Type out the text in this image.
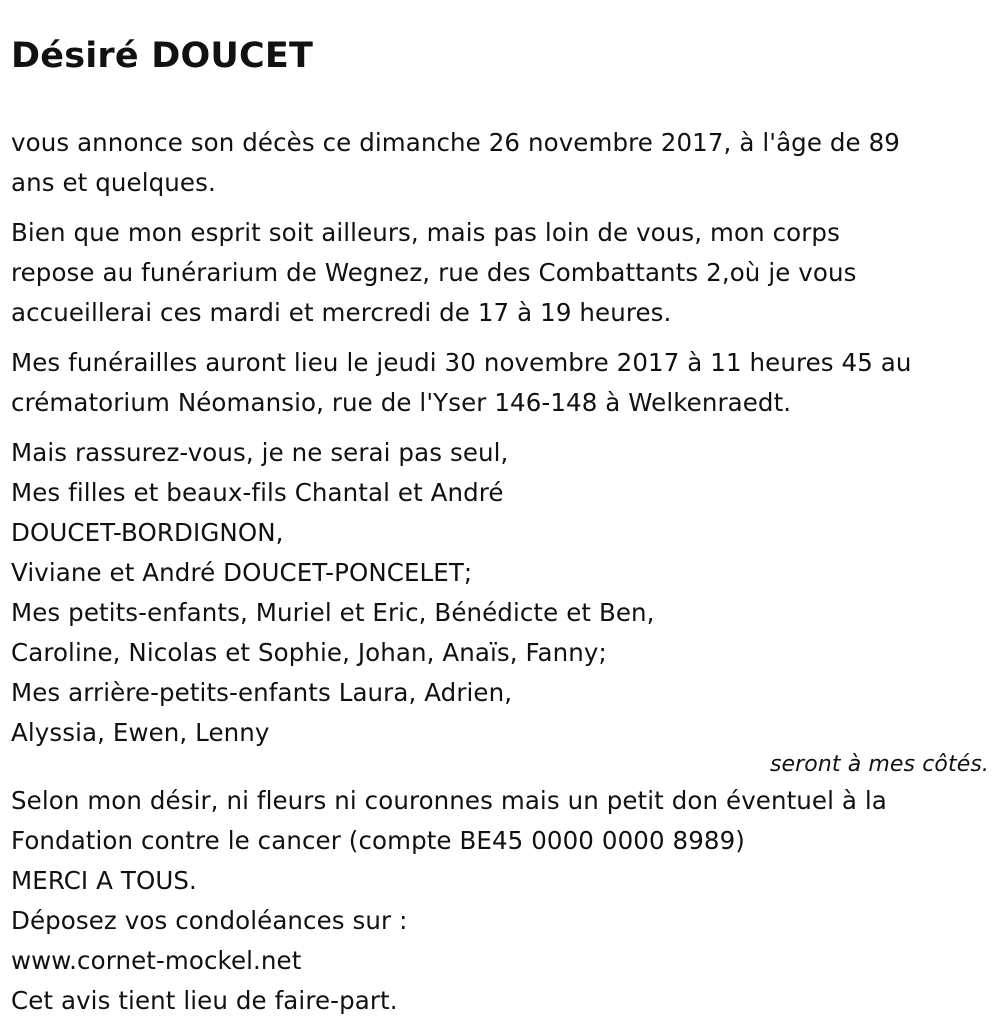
Désiré DOUCET

vous annonce son décès ce dimanche 26 novembre 2017, à l'âge de 89
ans et quelques.

Bien que mon esprit soit ailleurs, mais pas loin de vous, mon corps
repose au funérarium de Wegnez, rue des Combattants 2,où je vous
accueillerai ces mardi et mercredi de 17 à 19 heures.

Mes funérailles auront lieu le jeudi 30 novembre 2017 à 11 heures 45 au
crématorium Néomansio, rue de l'Yser 146-148 à Welkenraedt.

Mais rassurez-vous, je ne serai pas seul,
Mes filles et beaux-fils Chantal et André
DOUCET-BORDIGNON,
Viviane et André DOUCET-PONCELET;
Mes petits-enfants, Muriel et Eric, Bénédicte et Ben,
Caroline, Nicolas et Sophie, Johan, Anaïs, Fanny;
Mes arrière-petits-enfants Laura, Adrien,
Alyssia, Ewen, Lenny
seront à mes côtés.
Selon mon désir, ni fleurs ni couronnes mais un petit don éventuel à la
Fondation contre le cancer (compte BE45 0000 0000 8989)
MERCI A TOUS.
Déposez vos condoléances sur :
www.cornet-mockel.net
Cet avis tient lieu de faire-part.
